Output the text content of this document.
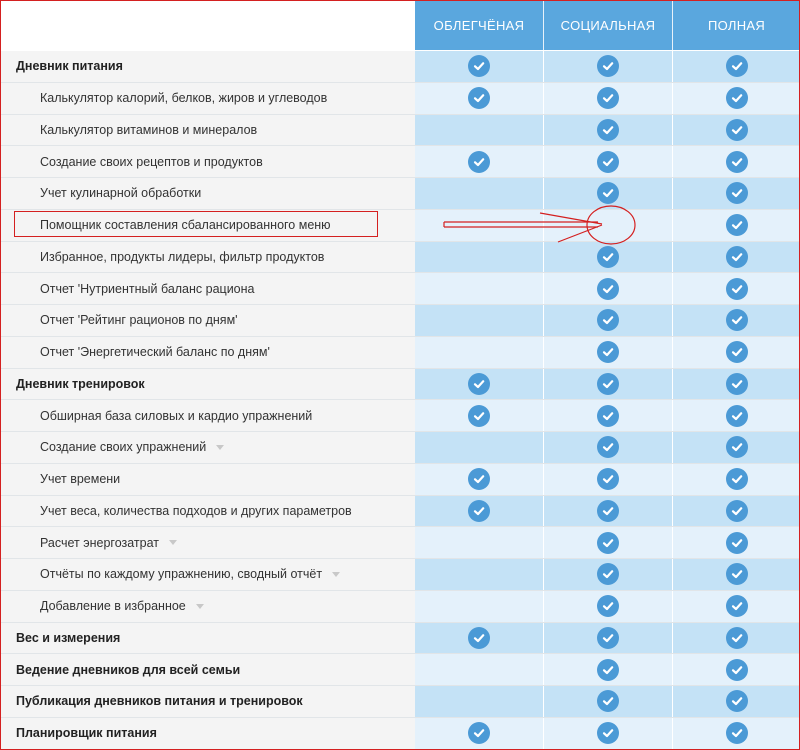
ОБЛЕГЧЁНАЯ	СОЦИАЛЬНАЯ	ПОЛНАЯ
Дневник питания
Калькулятор калорий, белков, жиров и углеводов
Калькулятор витаминов и минералов
Создание своих рецептов и продуктов
Учет кулинарной обработки
Помощник составления сбалансированного меню
Избранное, продукты лидеры, фильтр продуктов
Отчет 'Нутриентный баланс рациона
Отчет 'Рейтинг рационов по дням'
Отчет 'Энергетический баланс по дням'
Дневник тренировок
Обширная база силовых и кардио упражнений
Создание своих упражнений
Учет времени
Учет веса, количества подходов и других параметров
Расчет энергозатрат
Отчёты по каждому упражнению, сводный отчёт
Добавление в избранное
Вес и измерения
Ведение дневников для всей семьи
Публикация дневников питания и тренировок
Планировщик питания
